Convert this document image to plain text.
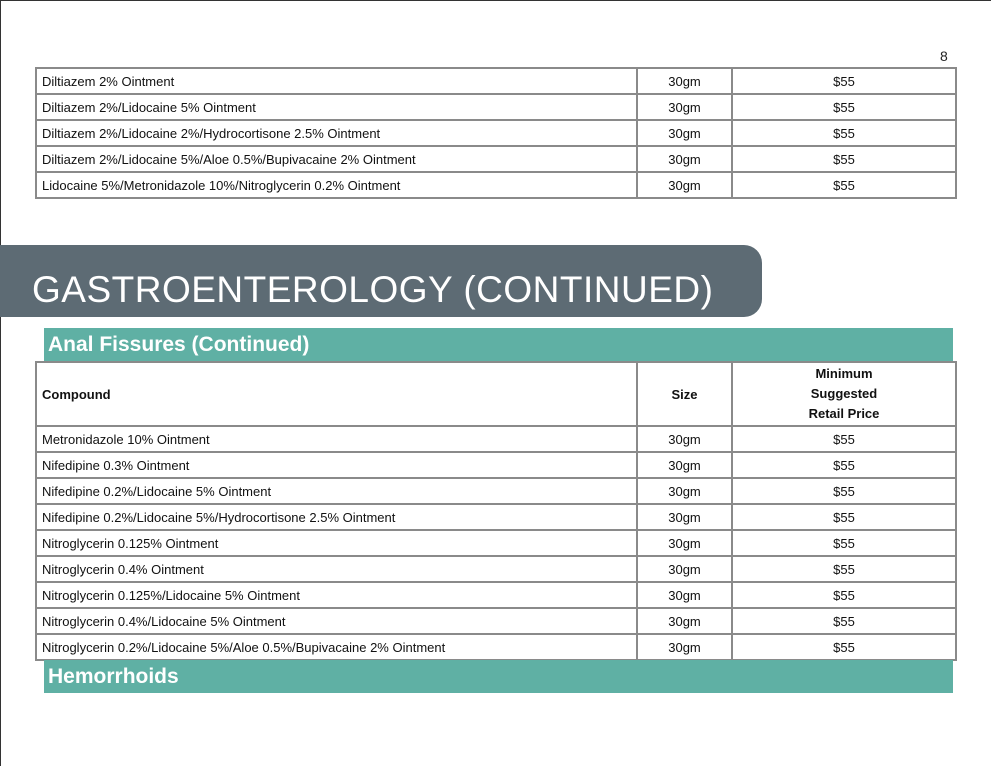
8
Diltiazem 2% Ointment	30gm	$55
Diltiazem 2%/Lidocaine 5% Ointment	30gm	$55
Diltiazem 2%/Lidocaine 2%/Hydrocortisone 2.5% Ointment	30gm	$55
Diltiazem 2%/Lidocaine 5%/Aloe 0.5%/Bupivacaine 2% Ointment	30gm	$55
Lidocaine 5%/Metronidazole 10%/Nitroglycerin 0.2% Ointment	30gm	$55
GASTROENTEROLOGY (CONTINUED)
Anal Fissures (Continued)
Compound	Size	Minimum
Suggested
Retail Price

Metronidazole 10% Ointment	30gm	$55
Nifedipine 0.3% Ointment	30gm	$55
Nifedipine 0.2%/Lidocaine 5% Ointment	30gm	$55
Nifedipine 0.2%/Lidocaine 5%/Hydrocortisone 2.5% Ointment	30gm	$55
Nitroglycerin 0.125% Ointment	30gm	$55
Nitroglycerin 0.4% Ointment	30gm	$55
Nitroglycerin 0.125%/Lidocaine 5% Ointment	30gm	$55
Nitroglycerin 0.4%/Lidocaine 5% Ointment	30gm	$55
Nitroglycerin 0.2%/Lidocaine 5%/Aloe 0.5%/Bupivacaine 2% Ointment	30gm	$55
Hemorrhoids
